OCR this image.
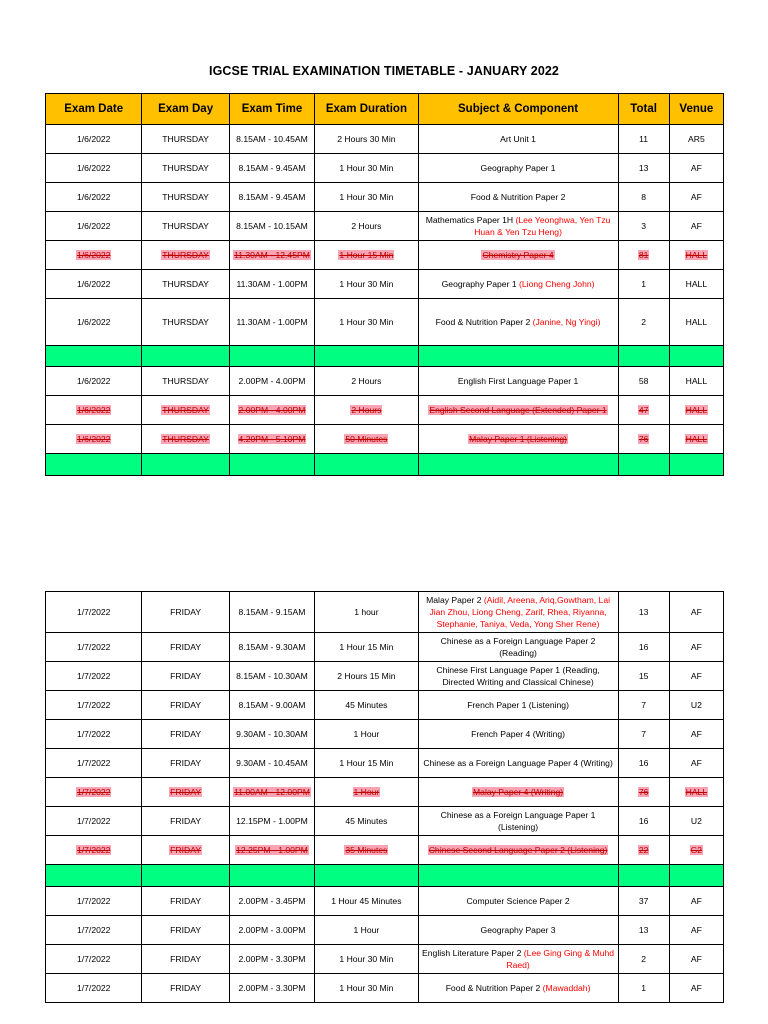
IGCSE TRIAL EXAMINATION TIMETABLE - JANUARY 2022
Exam Date	Exam Day	Exam Time	Exam Duration	Subject & Component	Total	Venue
1/6/2022	THURSDAY	8.15AM - 10.45AM	2 Hours 30 Min	Art Unit 1	11	AR5
1/6/2022	THURSDAY	8.15AM - 9.45AM	1 Hour 30 Min	Geography Paper 1	13	AF
1/6/2022	THURSDAY	8.15AM - 9.45AM	1 Hour 30 Min	Food & Nutrition Paper 2	8	AF
1/6/2022	THURSDAY	8.15AM - 10.15AM	2 Hours	Mathematics Paper 1H (Lee Yeonghwa, Yen Tzu Huan & Yen Tzu Heng)	3	AF
1/6/2022	THURSDAY	11.30AM - 12.45PM	1 Hour 15 Min	Chemistry Paper 4	81	HALL
1/6/2022	THURSDAY	11.30AM - 1.00PM	1 Hour 30 Min	Geography Paper 1 (Liong Cheng John)	1	HALL
1/6/2022	THURSDAY	11.30AM - 1.00PM	1 Hour 30 Min	Food & Nutrition Paper 2 (Janine, Ng Yingi)	2	HALL

1/6/2022	THURSDAY	2.00PM - 4.00PM	2 Hours	English First Language Paper 1	58	HALL
1/6/2022	THURSDAY	2.00PM - 4.00PM	2 Hours	English Second Language (Extended) Paper 1	47	HALL
1/6/2022	THURSDAY	4.20PM - 5.10PM	50 Minutes	Malay Paper 1 (Listening)	76	HALL

1/7/2022	FRIDAY	8.15AM - 9.15AM	1 hour	Malay Paper 2 (Aidil, Areena, Ariq,Gowtham, Lai Jian Zhou, Liong Cheng, Zarif, Rhea, Riyanna, Stephanie, Taniya, Veda, Yong Sher Rene)	13	AF
1/7/2022	FRIDAY	8.15AM - 9.30AM	1 Hour 15 Min	Chinese as a Foreign Language Paper 2 (Reading)	16	AF
1/7/2022	FRIDAY	8.15AM - 10.30AM	2 Hours 15 Min	Chinese First Language Paper 1 (Reading, Directed Writing and Classical Chinese)	15	AF
1/7/2022	FRIDAY	8.15AM - 9.00AM	45 Minutes	French Paper 1 (Listening)	7	U2
1/7/2022	FRIDAY	9.30AM - 10.30AM	1 Hour	French Paper 4 (Writing)	7	AF
1/7/2022	FRIDAY	9.30AM - 10.45AM	1 Hour 15 Min	Chinese as a Foreign Language Paper 4 (Writing)	16	AF
1/7/2022	FRIDAY	11.00AM - 12.00PM	1 Hour	Malay Paper 4 (Writing)	76	HALL
1/7/2022	FRIDAY	12.15PM - 1.00PM	45 Minutes	Chinese as a Foreign Language Paper 1 (Listening)	16	U2
1/7/2022	FRIDAY	12.25PM - 1.00PM	35 Minutes	Chinese Second Language Paper 2 (Listening)	22	G2

1/7/2022	FRIDAY	2.00PM - 3.45PM	1 Hour 45 Minutes	Computer Science Paper 2	37	AF
1/7/2022	FRIDAY	2.00PM - 3.00PM	1 Hour	Geography Paper 3	13	AF
1/7/2022	FRIDAY	2.00PM - 3.30PM	1 Hour 30 Min	English Literature Paper 2 (Lee Ging Ging & Muhd Raed)	2	AF
1/7/2022	FRIDAY	2.00PM - 3.30PM	1 Hour 30 Min	Food & Nutrition Paper 2 (Mawaddah)	1	AF
